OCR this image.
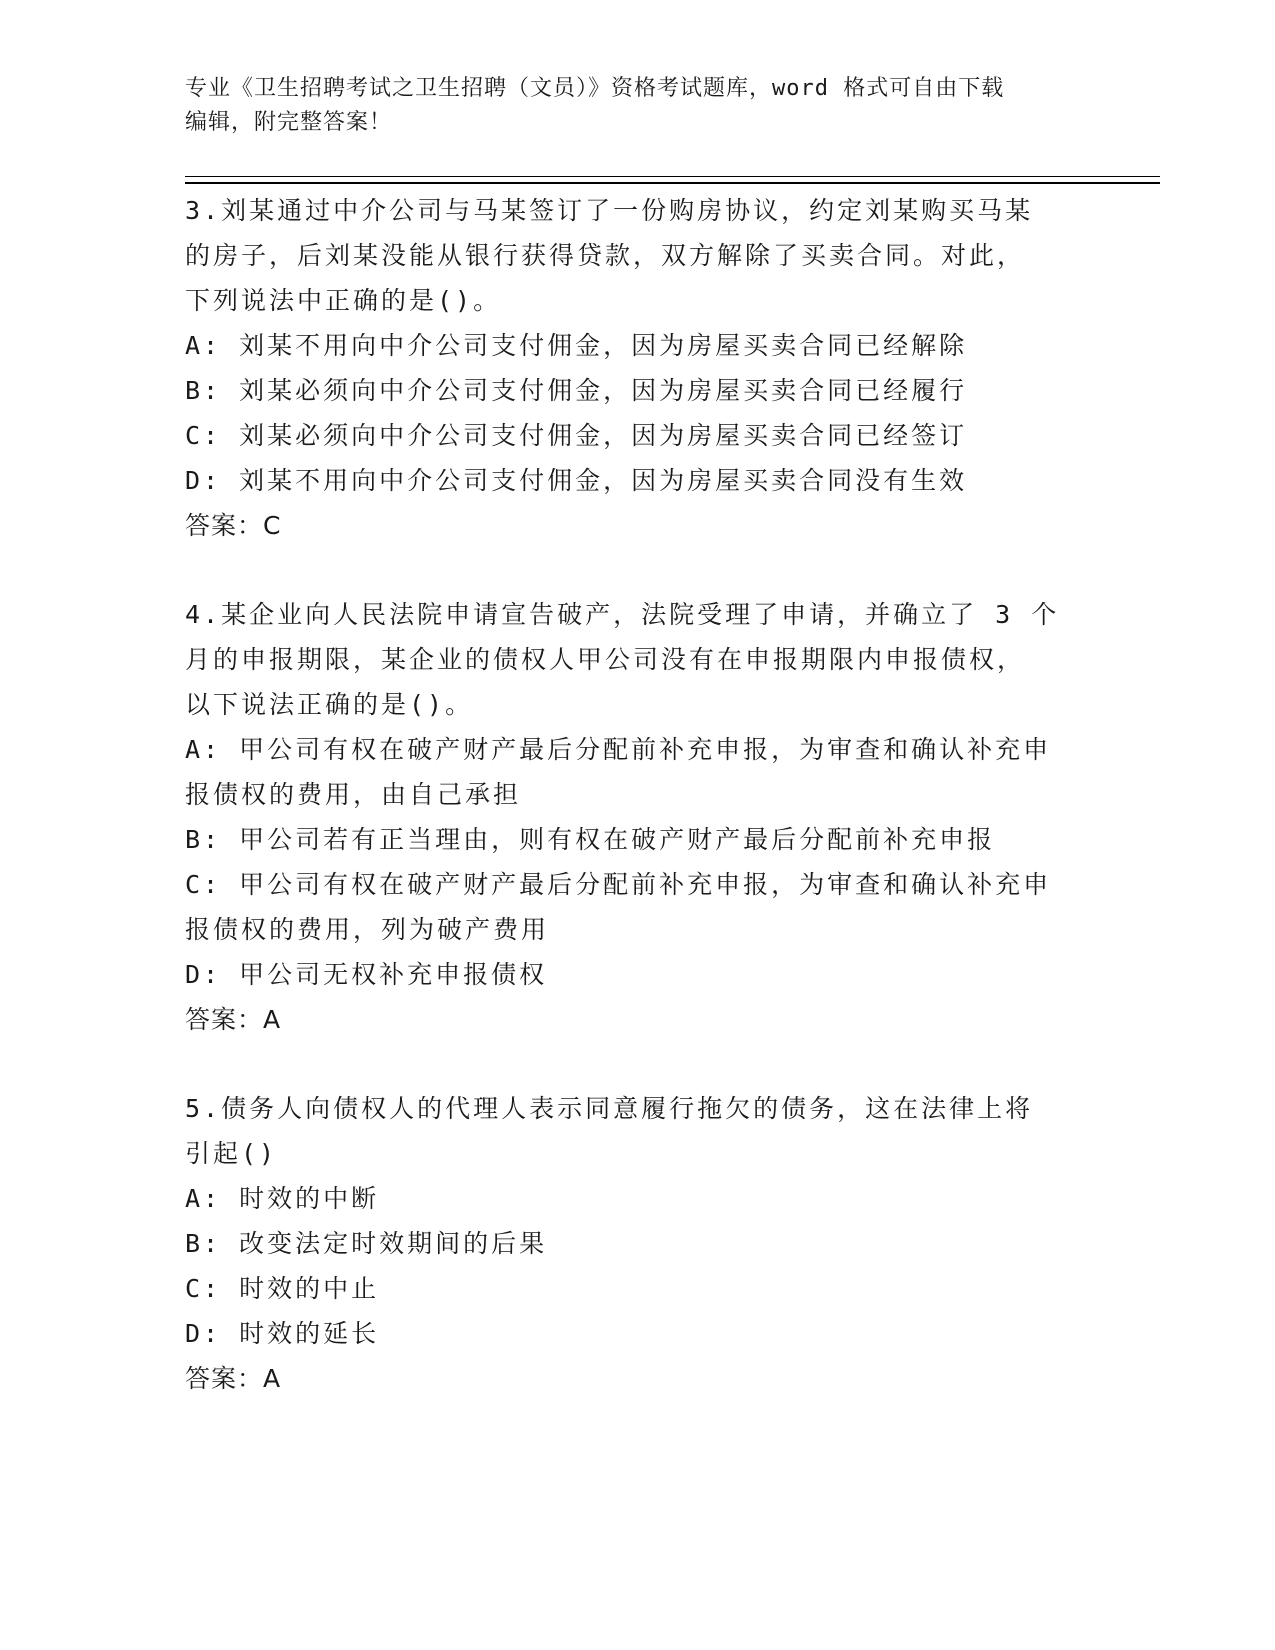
专业《卫生招聘考试之卫生招聘（文员）》资格考试题库，word 格式可自由下载
编辑，附完整答案！
3.刘某通过中介公司与马某签订了一份购房协议，约定刘某购买马某
的房子，后刘某没能从银行获得贷款，双方解除了买卖合同。对此，
下列说法中正确的是()。
A: 刘某不用向中介公司支付佣金，因为房屋买卖合同已经解除
B: 刘某必须向中介公司支付佣金，因为房屋买卖合同已经履行
C: 刘某必须向中介公司支付佣金，因为房屋买卖合同已经签订
D: 刘某不用向中介公司支付佣金，因为房屋买卖合同没有生效
答案：C
4.某企业向人民法院申请宣告破产，法院受理了申请，并确立了 3 个
月的申报期限，某企业的债权人甲公司没有在申报期限内申报债权，
以下说法正确的是()。
A: 甲公司有权在破产财产最后分配前补充申报，为审查和确认补充申
报债权的费用，由自己承担
B: 甲公司若有正当理由，则有权在破产财产最后分配前补充申报
C: 甲公司有权在破产财产最后分配前补充申报，为审查和确认补充申
报债权的费用，列为破产费用
D: 甲公司无权补充申报债权
答案：A
5.债务人向债权人的代理人表示同意履行拖欠的债务，这在法律上将
引起()
A: 时效的中断
B: 改变法定时效期间的后果
C: 时效的中止
D: 时效的延长
答案：A
